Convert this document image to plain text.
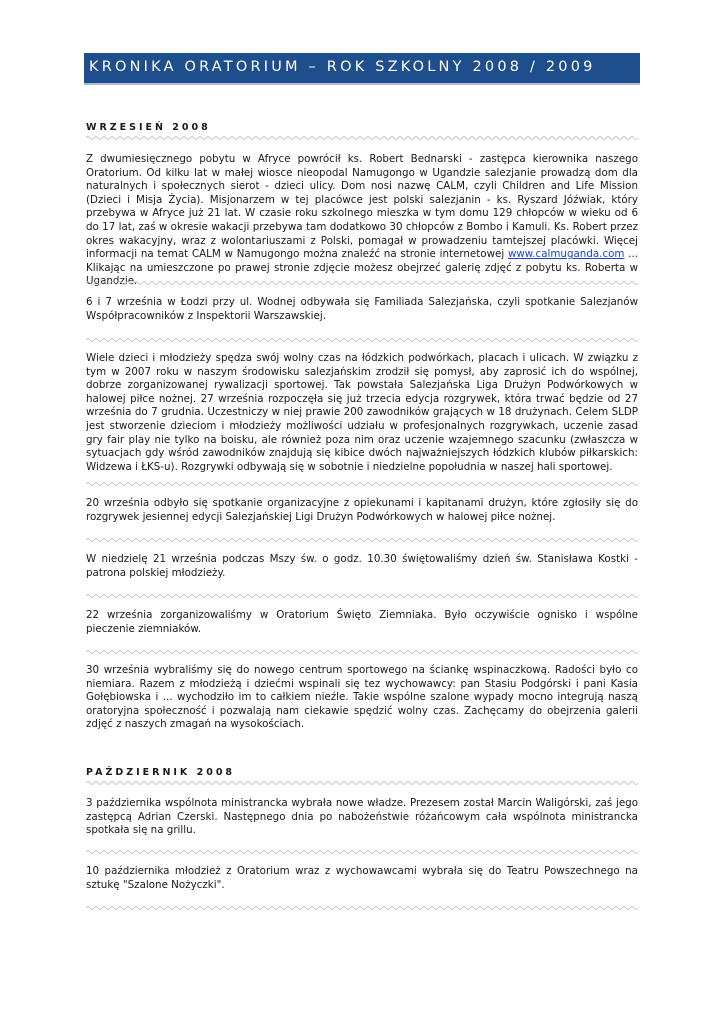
KRONIKA ORATORIUM – ROK SZKOLNY 2008 / 2009
WRZESIEŃ 2008

Z dwumiesięcznego pobytu w Afryce powrócił ks. Robert Bednarski - zastępca kierownika naszego Oratorium. Od kilku lat w małej wiosce nieopodal Namugongo w Ugandzie salezjanie prowadzą dom dla naturalnych i społecznych sierot - dzieci ulicy. Dom nosi nazwę CALM, czyli Children and Life Mission (Dzieci i Misja Życia). Misjonarzem w tej placówce jest polski salezjanin - ks. Ryszard Jóźwiak, który przebywa w Afryce już 21 lat. W czasie roku szkolnego mieszka w tym domu 129 chłopców w wieku od 6 do 17 lat, zaś w okresie wakacji przebywa tam dodatkowo 30 chłopców z Bombo i Kamuli. Ks. Robert przez okres wakacyjny, wraz z wolontariuszami z Polski, pomagał w prowadzeniu tamtejszej placówki. Więcej informacji na temat CALM w Namugongo można znaleźć na stronie internetowej www.calmuganda.com ... Klikając na umieszczone po prawej stronie zdjęcie możesz obejrzeć galerię zdjęć z pobytu ks. Roberta w Ugandzie.

6 i 7 września w Łodzi przy ul. Wodnej odbywała się Familiada Salezjańska, czyli spotkanie Salezjanów Współpracowników z Inspektorii Warszawskiej.

Wiele dzieci i młodzieży spędza swój wolny czas na łódzkich podwórkach, placach i ulicach. W związku z tym w 2007 roku w naszym środowisku salezjańskim zrodził się pomysł, aby zaprosić ich do wspólnej, dobrze zorganizowanej rywalizacji sportowej. Tak powstała Salezjańska Liga Drużyn Podwórkowych w halowej piłce nożnej. 27 września rozpoczęła się już trzecia edycja rozgrywek, która trwać będzie od 27 września do 7 grudnia. Uczestniczy w niej prawie 200 zawodników grających w 18 drużynach. Celem SLDP jest stworzenie dzieciom i młodzieży możliwości udziału w profesjonalnych rozgrywkach, uczenie zasad gry fair play nie tylko na boisku, ale również poza nim oraz uczenie wzajemnego szacunku (zwłaszcza w sytuacjach gdy wśród zawodników znajdują się kibice dwóch najważniejszych łódzkich klubów piłkarskich: Widzewa i ŁKS-u). Rozgrywki odbywają się w sobotnie i niedzielne popołudnia w naszej hali sportowej.

20 września odbyło się spotkanie organizacyjne z opiekunami i kapitanami drużyn, które zgłosiły się do rozgrywek jesiennej edycji Salezjańskiej Ligi Drużyn Podwórkowych w halowej piłce nożnej.

W niedzielę 21 września podczas Mszy św. o godz. 10.30 świętowaliśmy dzień św. Stanisława Kostki - patrona polskiej młodzieży.

22 września zorganizowaliśmy w Oratorium Święto Ziemniaka. Było oczywiście ognisko i wspólne pieczenie ziemniaków.

30 września wybraliśmy się do nowego centrum sportowego na ściankę wspinaczkową. Radości było co niemiara. Razem z młodzieżą i dziećmi wspinali się tez wychowawcy: pan Stasiu Podgórski i pani Kasia Gołębiowska i ... wychodziło im to całkiem nieźle. Takie wspólne szalone wypady mocno integrują naszą oratoryjna społeczność i pozwalają nam ciekawie spędzić wolny czas. Zachęcamy do obejrzenia galerii zdjęć z naszych zmagań na wysokościach.

PAŹDZIERNIK 2008

3 października wspólnota ministrancka wybrała nowe władze. Prezesem został Marcin Waligórski, zaś jego zastępcą Adrian Czerski. Następnego dnia po nabożeństwie różańcowym cała wspólnota ministrancka spotkała się na grillu.

10 października młodzież z Oratorium wraz z wychowawcami wybrała się do Teatru Powszechnego na sztukę "Szalone Nożyczki".
